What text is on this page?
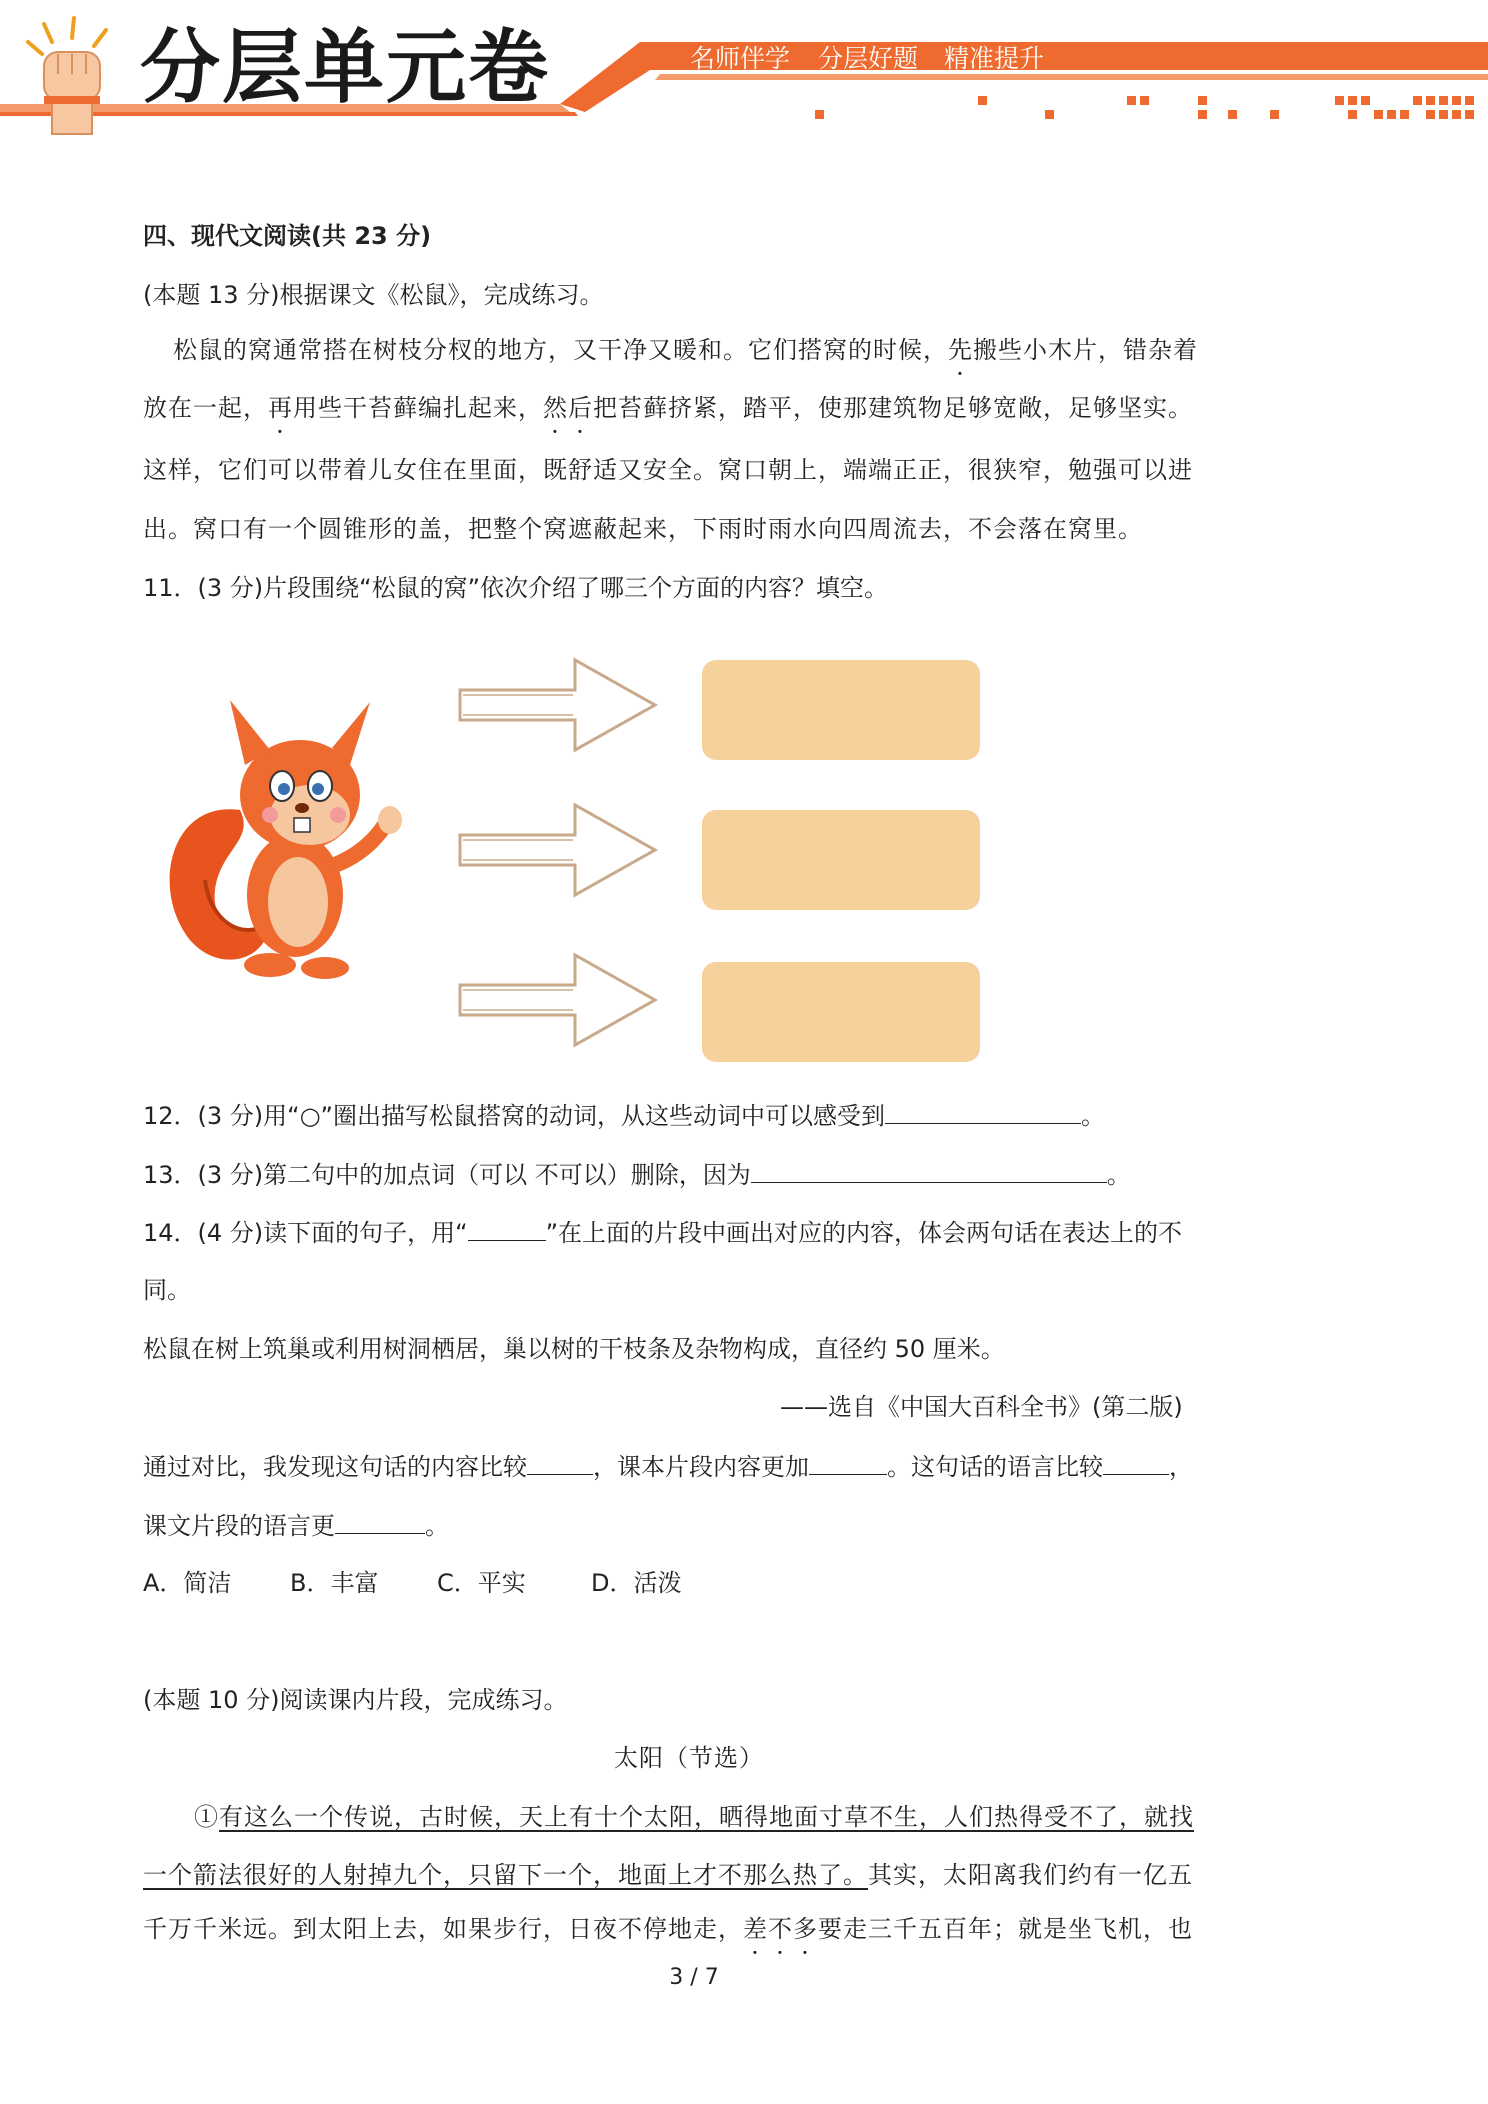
分层单元卷	名师伴学 分层好题 精准提升
四、现代文阅读(共 23 分)
(本题 13 分)根据课文《松鼠》，完成练习。
松鼠的窝通常搭在树枝分杈的地方，又干净又暖和。它们搭窝的时候，先搬些小木片，错杂着
放在一起，再用些干苔藓编扎起来，然后把苔藓挤紧，踏平，使那建筑物足够宽敞，足够坚实。
这样，它们可以带着儿女住在里面，既舒适又安全。窝口朝上，端端正正，很狭窄，勉强可以进
出。窝口有一个圆锥形的盖，把整个窝遮蔽起来，下雨时雨水向四周流去，不会落在窝里。
11．(3 分)片段围绕“松鼠的窝”依次介绍了哪三个方面的内容？填空。
12．(3 分)用“○”圈出描写松鼠搭窝的动词，从这些动词中可以感受到	。
13．(3 分)第二句中的加点词（可以 不可以）删除，因为	。
14．(4 分)读下面的句子，用“	”在上面的片段中画出对应的内容，体会两句话在表达上的不
同。
松鼠在树上筑巢或利用树洞栖居，巢以树的干枝条及杂物构成，直径约 50 厘米。
——选自《中国大百科全书》(第二版)
通过对比，我发现这句话的内容比较	，课本片段内容更加	。这句话的语言比较	，
课文片段的语言更	。
A．简洁 B．丰富 C．平实	D．活泼
(本题 10 分)阅读课内片段，完成练习。
太阳（节选）
①有这么一个传说，古时候，天上有十个太阳，晒得地面寸草不生，人们热得受不了，就找
一个箭法很好的人射掉九个，只留下一个，地面上才不那么热了。其实，太阳离我们约有一亿五
千万千米远。到太阳上去，如果步行，日夜不停地走，差不多要走三千五百年；就是坐飞机，也
3 / 7
